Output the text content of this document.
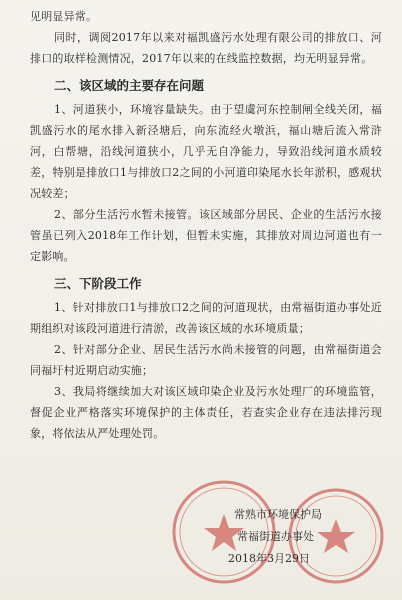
见明显异常。

同时，调阅2017年以来对福凯盛污水处理有限公司的排放口、河排口的取样检测情况，2017年以来的在线监控数据，均无明显异常。

二、该区域的主要存在问题

1、河道狭小，环境容量缺失。由于望虞河东控制闸全线关闭，福凯盛污水的尾水排入新泾塘后，向东流经火墩浜，福山塘后流入常浒河，白帮塘，沿线河道狭小，几乎无自净能力，导致沿线河道水质较差，特别是排放口1与排放口2之间的小河道印染尾水长年淤积，感观状况较差；

2、部分生活污水暂未接管。该区域部分居民、企业的生活污水接管虽已列入2018年工作计划，但暂未实施，其排放对周边河道也有一定影响。

三、下阶段工作

1、针对排放口1与排放口2之间的河道现状，由常福街道办事处近期组织对该段河道进行清淤，改善该区域的水环境质量；

2、针对部分企业、居民生活污水尚未接管的问题，由常福街道会同福圩村近期启动实施；

3、我局将继续加大对该区域印染企业及污水处理厂的环境监管，督促企业严格落实环境保护的主体责任，若查实企业存在违法排污现象，将依法从严处理处罚。

常熟市环境保护局
常福街道办事处
2018年3月29日
